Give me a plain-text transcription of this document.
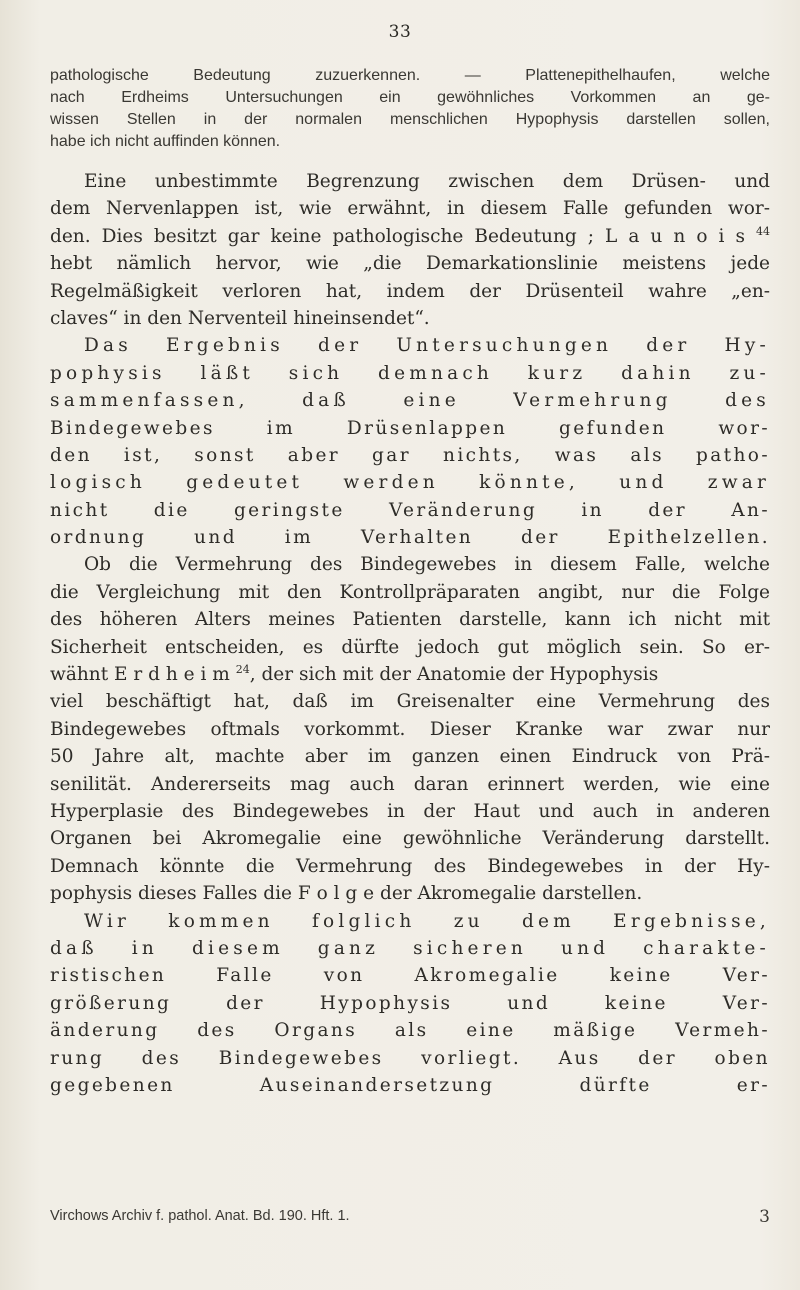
33
pathologische Bedeutung zuzuerkennen. — Plattenepithelhaufen, welche
nach Erdheims Untersuchungen ein gewöhnliches Vorkommen an ge-
wissen Stellen in der normalen menschlichen Hypophysis darstellen sollen,
habe ich nicht auffinden können.
Eine unbestimmte Begrenzung zwischen dem Drüsen- und
dem Nervenlappen ist, wie erwähnt, in diesem Falle gefunden wor-
den. Dies besitzt gar keine pathologische Bedeutung ; L a u n o i s $^{44}$
hebt nämlich hervor, wie „die Demarkationslinie meistens jede
Regelmäßigkeit verloren hat, indem der Drüsenteil wahre „en-
claves“ in den Nerventeil hineinsendet“.
Das Ergebnis der Untersuchungen der Hy-
pophysis läßt sich demnach kurz dahin zu-
sammenfassen, daß eine Vermehrung des
Bindegewebes im Drüsenlappen gefunden wor-
den ist, sonst aber gar nichts, was als patho-
logisch gedeutet werden könnte, und zwar
nicht die geringste Veränderung in der An-
ordnung und im Verhalten der Epithelzellen.
Ob die Vermehrung des Bindegewebes in diesem Falle, welche
die Vergleichung mit den Kontrollpräparaten angibt, nur die Folge
des höheren Alters meines Patienten darstelle, kann ich nicht mit
Sicherheit entscheiden, es dürfte jedoch gut möglich sein. So er-
wähnt E r d h e i m $^{24}$, der sich mit der Anatomie der Hypophysis
viel beschäftigt hat, daß im Greisenalter eine Vermehrung des
Bindegewebes oftmals vorkommt. Dieser Kranke war zwar nur
50 Jahre alt, machte aber im ganzen einen Eindruck von Prä-
senilität. Andererseits mag auch daran erinnert werden, wie eine
Hyperplasie des Bindegewebes in der Haut und auch in anderen
Organen bei Akromegalie eine gewöhnliche Veränderung darstellt.
Demnach könnte die Vermehrung des Bindegewebes in der Hy-
pophysis dieses Falles die F o l g e der Akromegalie darstellen.
Wir kommen folglich zu dem Ergebnisse,
daß in diesem ganz sicheren und charakte-
ristischen Falle von Akromegalie keine Ver-
größerung der Hypophysis und keine Ver-
änderung des Organs als eine mäßige Vermeh-
rung des Bindegewebes vorliegt. Aus der oben
gegebenen Auseinandersetzung dürfte er-
Virchows Archiv f. pathol. Anat. Bd. 190. Hft. 1.	3
